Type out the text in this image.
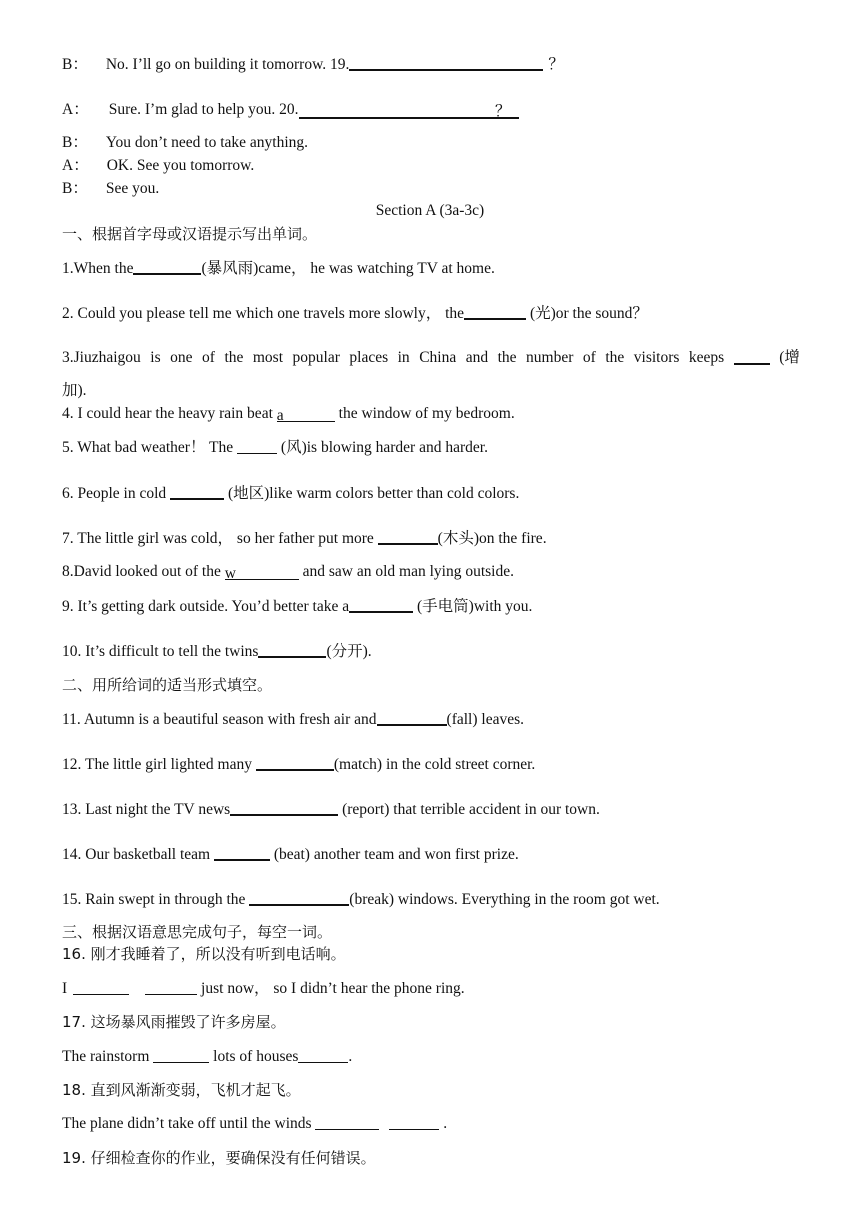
B： No. I’ll go on building it tomorrow. 19.	？
A： Sure. I’m glad to help you. 20.	？
B： You don’t need to take anything.
A： OK. See you tomorrow.
B： See you.
Section A (3a-3c)
一、根据首字母或汉语提示写出单词。
1.When the	(暴风雨)came， he was watching TV at home.
2. Could you please tell me which one travels more slowly， the	(光)or the sound？
3.Jiuzhaigou is one of the most popular places in China and the number of the visitors keeps	(增
加).
4. I could hear the heavy rain beat a	the window of my bedroom.
5. What bad weather！ The	(风)is blowing harder and harder.
6. People in cold	(地区)like warm colors better than cold colors.
7. The little girl was cold， so her father put more	(木头)on the fire.
8.David looked out of the w	and saw an old man lying outside.
9. It’s getting dark outside. You’d better take a	(手电筒)with you.
10. It’s difficult to tell the twins	(分开).
二、用所给词的适当形式填空。
11. Autumn is a beautiful season with fresh air and	(fall) leaves.
12. The little girl lighted many	(match) in the cold street corner.
13. Last night the TV news	(report) that terrible accident in our town.
14. Our basketball team	(beat) another team and won first prize.
15. Rain swept in through the	(break) windows. Everything in the room got wet.
三、根据汉语意思完成句子，每空一词。
16. 刚才我睡着了，所以没有听到电话响。
I	just now， so I didn’t hear the phone ring.
17. 这场暴风雨摧毁了许多房屋。
The rainstorm	lots of houses	.
18. 直到风渐渐变弱，飞机才起飞。
The plane didn’t take off until the winds	.
19. 仔细检查你的作业，要确保没有任何错误。
